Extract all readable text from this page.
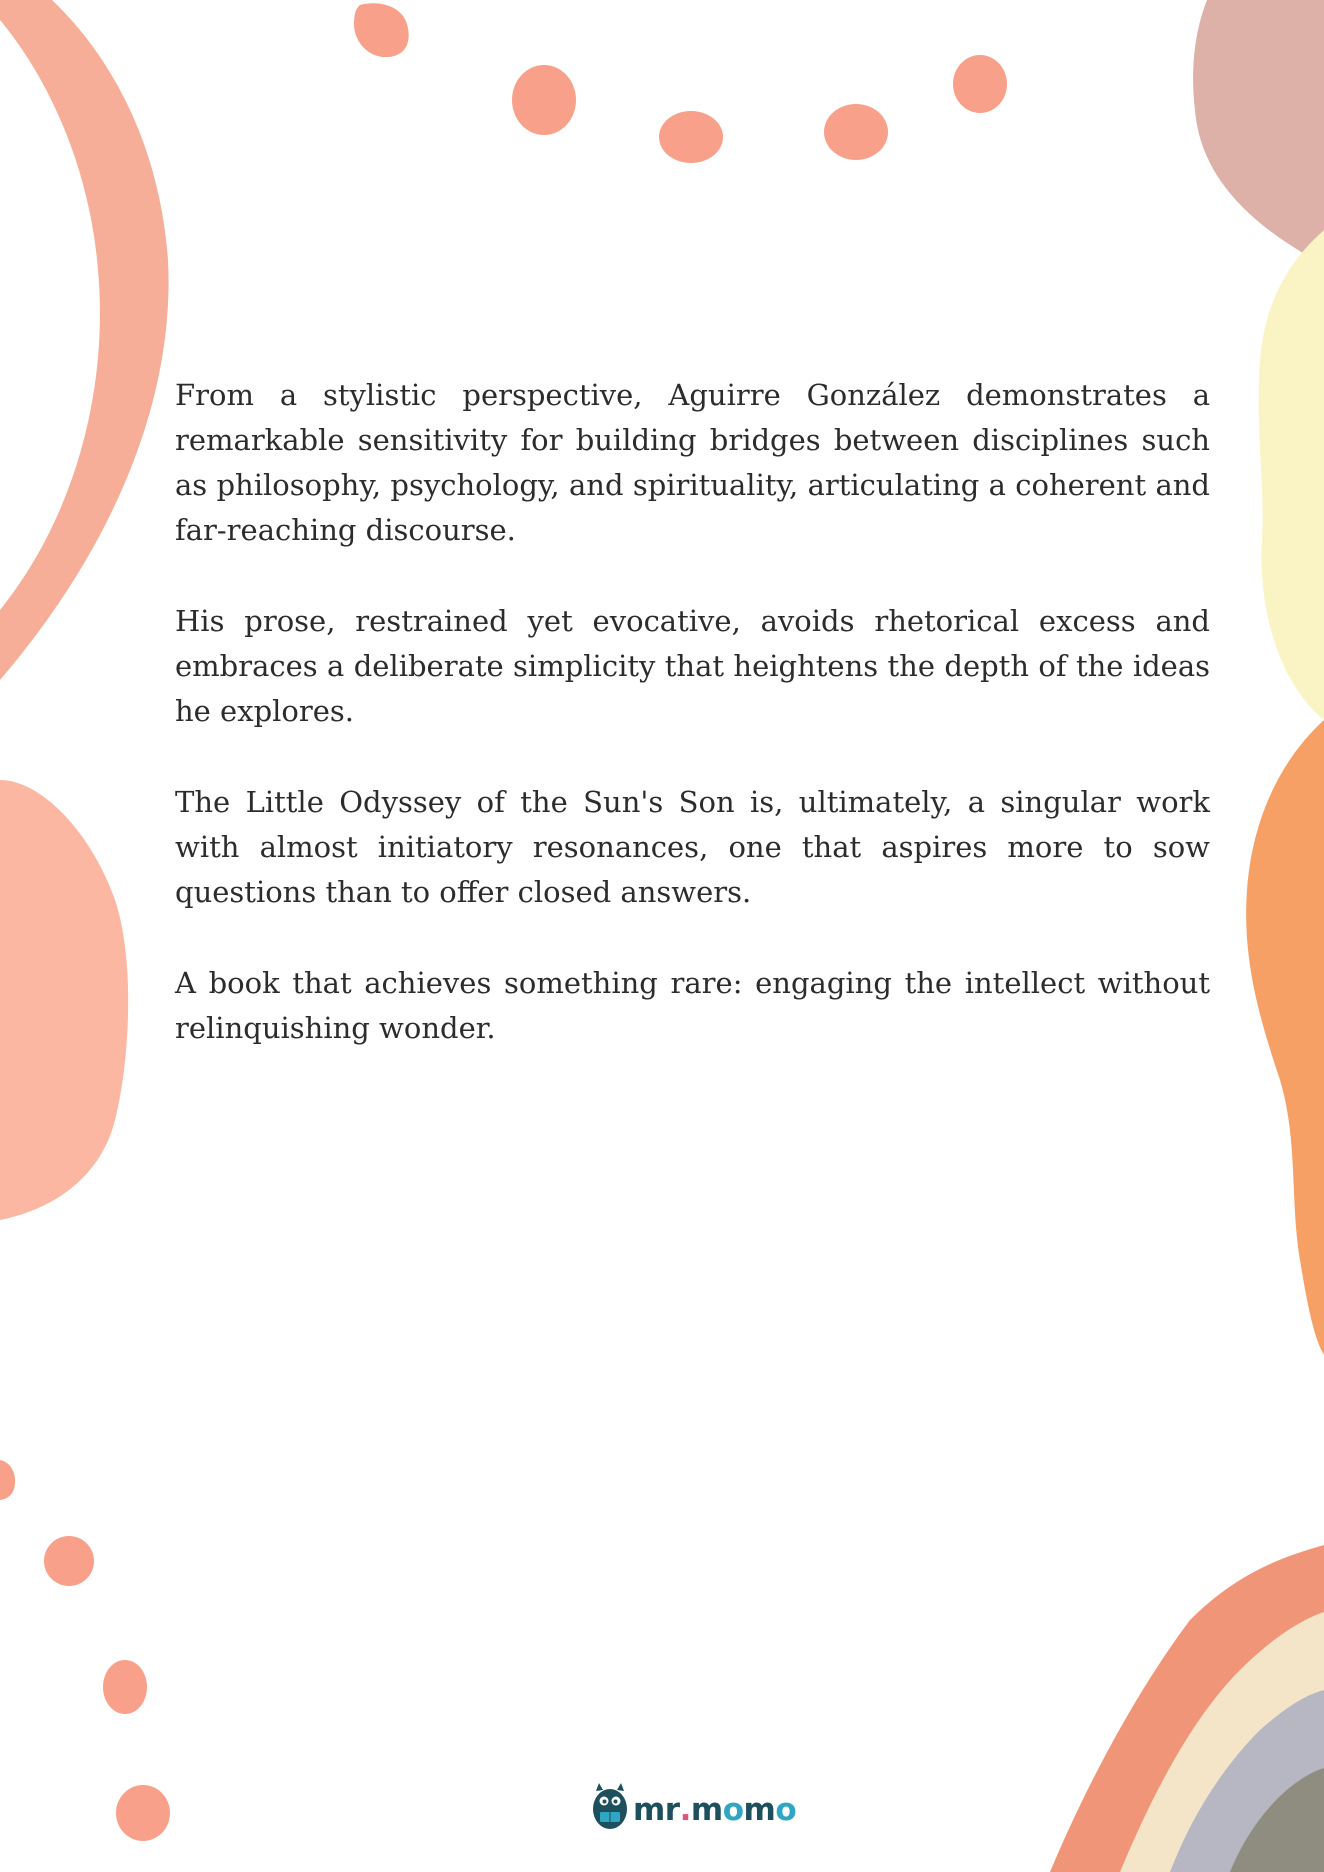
From a stylistic perspective, Aguirre González demonstrates a remarkable sensitivity for building bridges between disciplines such as philosophy, psychology, and spirituality, articulating a coherent and far-reaching discourse.

His prose, restrained yet evocative, avoids rhetorical excess and embraces a deliberate simplicity that heightens the depth of the ideas he explores.

The Little Odyssey of the Sun's Son is, ultimately, a singular work with almost initiatory resonances, one that aspires more to sow questions than to offer closed answers.

A book that achieves something rare: engaging the intellect without relinquishing wonder.

mr . m o m o
